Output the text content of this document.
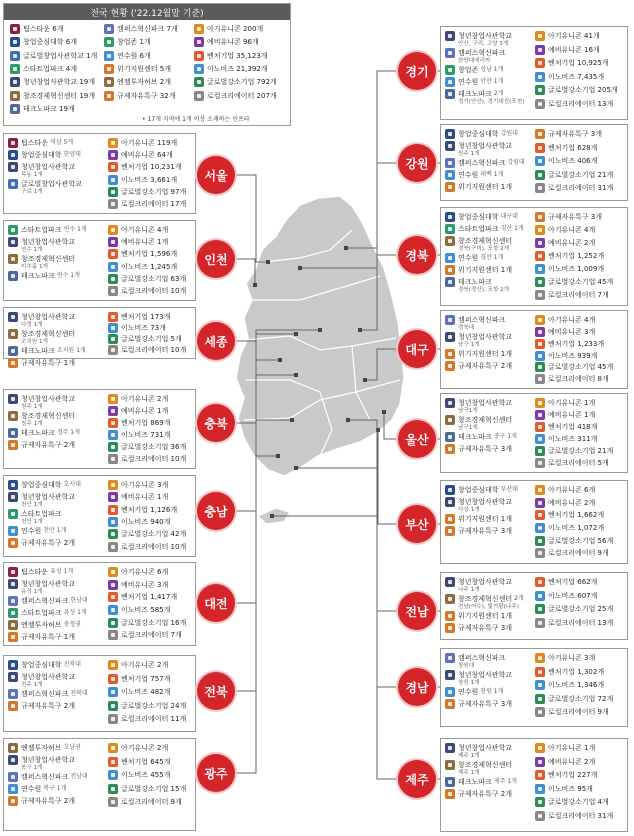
전국 현황 ('22.12월말 기준)
팁스타운 6개
창업중심대학 6개
글로벌창업사관학교 1개
스타트업파크 4개
청년창업사관학교 19개
창조경제혁신센터 19개
테크노파크 19개
캠퍼스혁신파크 7개
창업존 1개
연수원 6개
위기지원센터 5개
엔젤투자허브 2개
규제자유특구 32개
아기유니콘 200개
예비유니콘 96개
벤처기업 35,123개
이노비즈 21,392개
글로벌강소기업 792개
로컬크리에이터 207개
• 17개 지역에 1개 이상 소재하는 인프라
팁스타운 역삼 5개
창업중심대학 한양대
청년창업사관학교
목동 1개
글로벌창업사관학교
구로 1개
아기유니콘 119개
예비유니콘 64개
벤처기업 10,231개
이노비즈 3,661개
글로벌강소기업 97개
로컬크리에이터 17개
스타트업파크 연수 1개
청년창업사관학교
연수 1개
창조경제혁신센터
미추홀 1개
테크노파크 연수 1개
아기유니콘 4개
예비유니콘 1개
벤처기업 1,596개
이노비즈 1,245개
글로벌강소기업 63개
로컬크리에이터 10개
청년창업사관학교
다정 1개
창조경제혁신센터
조치원 1개
테크노파크 조치원 1개
규제자유특구 1개
벤처기업 173개
이노비즈 73개
글로벌강소기업 5개
로컬크리에이터 10개
청년창업사관학교
청주 1개
창조경제혁신센터
청주 1개
테크노파크 청주 1개
규제자유특구 2개
아기유니콘 2개
예비유니콘 1개
벤처기업 869개
이노비즈 731개
글로벌강소기업 36개
로컬크리에이터 10개
창업중심대학 호서대
청년창업사관학교
천안 1개
스타트업파크
천안 1개
연수원 천안 1개
규제자유특구 2개
아기유니콘 3개
예비유니콘 1개
벤처기업 1,126개
이노비즈 940개
글로벌강소기업 42개
로컬크리에이터 10개
팁스타운 유성 1개
청년창업사관학교
유성 1개
캠퍼스혁신파크 한남대
스타트업파크 유성 1개
엔젤투자허브 충청권
규제자유특구 1개
아기유니콘 6개
예비유니콘 3개
벤처기업 1,417개
이노비즈 585개
글로벌강소기업 16개
로컬크리에이터 7개
창업중심대학 전북대
청년창업사관학교
전주 1개
캠퍼스혁신파크 전북대
규제자유특구 2개
아기유니콘 2개
벤처기업 757개
이노비즈 482개
글로벌강소기업 24개
로컬크리에이터 11개
엔젤투자허브 호남권
청년창업사관학교
북구 1개
캠퍼스혁신파크 전남대
연수원 북구 1개
규제자유특구 2개
아기유니콘 2개
벤처기업 645개
이노비즈 455개
글로벌강소기업 15개
로컬크리에이터 9개
청년창업사관학교
안산, 구리, 고양 3개
캠퍼스혁신파크
한양대에리카
창업존 성남 1개
연수원 안산 1개
테크노파크 2개
경기(안산), 경기대진(포천)
아기유니콘 41개
예비유니콘 16개
벤처기업 10,925개
이노비즈 7,435개
글로벌강소기업 205개
로컬크리에이터 13개
창업중심대학 강원대
청년창업사관학교
원주 1개
캠퍼스혁신파크 강원대
연수원 태백 1개
위기지원센터 1개
규제자유특구 3개
벤처기업 628개
이노비즈 406개
글로벌강소기업 21개
로컬크리에이터 31개
창업중심대학 대구대
스타트업파크 경산 1개
창조경제혁신센터
경북(구미), 포항 2개
연수원 경산 1개
위기지원센터 1개
테크노파크
경북(경산), 포항 2개
규제자유특구 3개
아기유니콘 4개
예비유니콘 2개
벤처기업 1,252개
이노비즈 1,009개
글로벌강소기업 45개
로컬크리에이터 7개
캠퍼스혁신파크
경북대
청년창업사관학교
남구 1개
위기지원센터 1개
규제자유특구 2개
아기유니콘 4개
예비유니콘 3개
벤처기업 1,233개
이노비즈 939개
글로벌강소기업 45개
로컬크리에이터 8개
청년창업사관학교
남구1개
창조경제혁신센터
남구1개
테크노파크 중구 1개
규제자유특구 3개
아기유니콘 1개
예비유니콘 1개
벤처기업 418개
이노비즈 311개
글로벌강소기업 21개
로컬크리에이터 5개
창업중심대학 부산대
청년창업사관학교
사상 1개
위기지원센터 1개
규제자유특구 3개
아기유니콘 6개
예비유니콘 2개
벤처기업 1,662개
이노비즈 1,072개
글로벌강소기업 56개
로컬크리에이터 9개
청년창업사관학교
나주 1개
창조경제혁신센터 2개
전남(여수), 빛가람(나주)
위기지원센터 1개
규제자유특구 3개
벤처기업 662개
이노비즈 607개
글로벌강소기업 25개
로컬크리에이터 13개
캠퍼스혁신파크
창원대
청년창업사관학교
창원 1개
연수원 창원 1개
규제자유특구 3개
아기유니콘 3개
벤처기업 1,302개
이노비즈 1,346개
글로벌강소기업 72개
로컬크리에이터 9개
청년창업사관학교
제주 1개
창조경제혁신센터
제주 1개
테크노파크 제주 1개
규제자유특구 2개
아기유니콘 1개
예비유니콘 2개
벤처기업 227개
이노비즈 95개
글로벌강소기업 4개
로컬크리에이터 31개
서울
인천
세종
충북
충남
대전
전북
광주
경기
강원
경북
대구
울산
부산
전남
경남
제주
